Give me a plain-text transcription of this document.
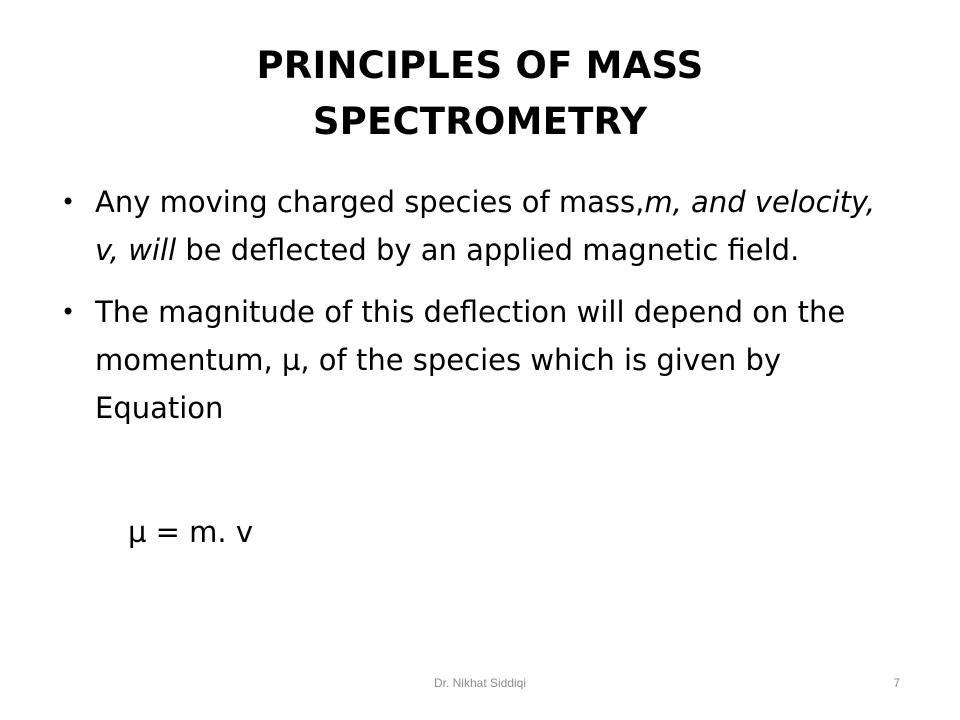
PRINCIPLES OF MASS
SPECTROMETRY
• Any moving charged species of mass,m, and velocity, v, will be deflected by an applied magnetic field.
• The magnitude of this deflection will depend on the momentum, µ, of the species which is given by Equation
µ = m. v
Dr. Nikhat Siddiqi	7
